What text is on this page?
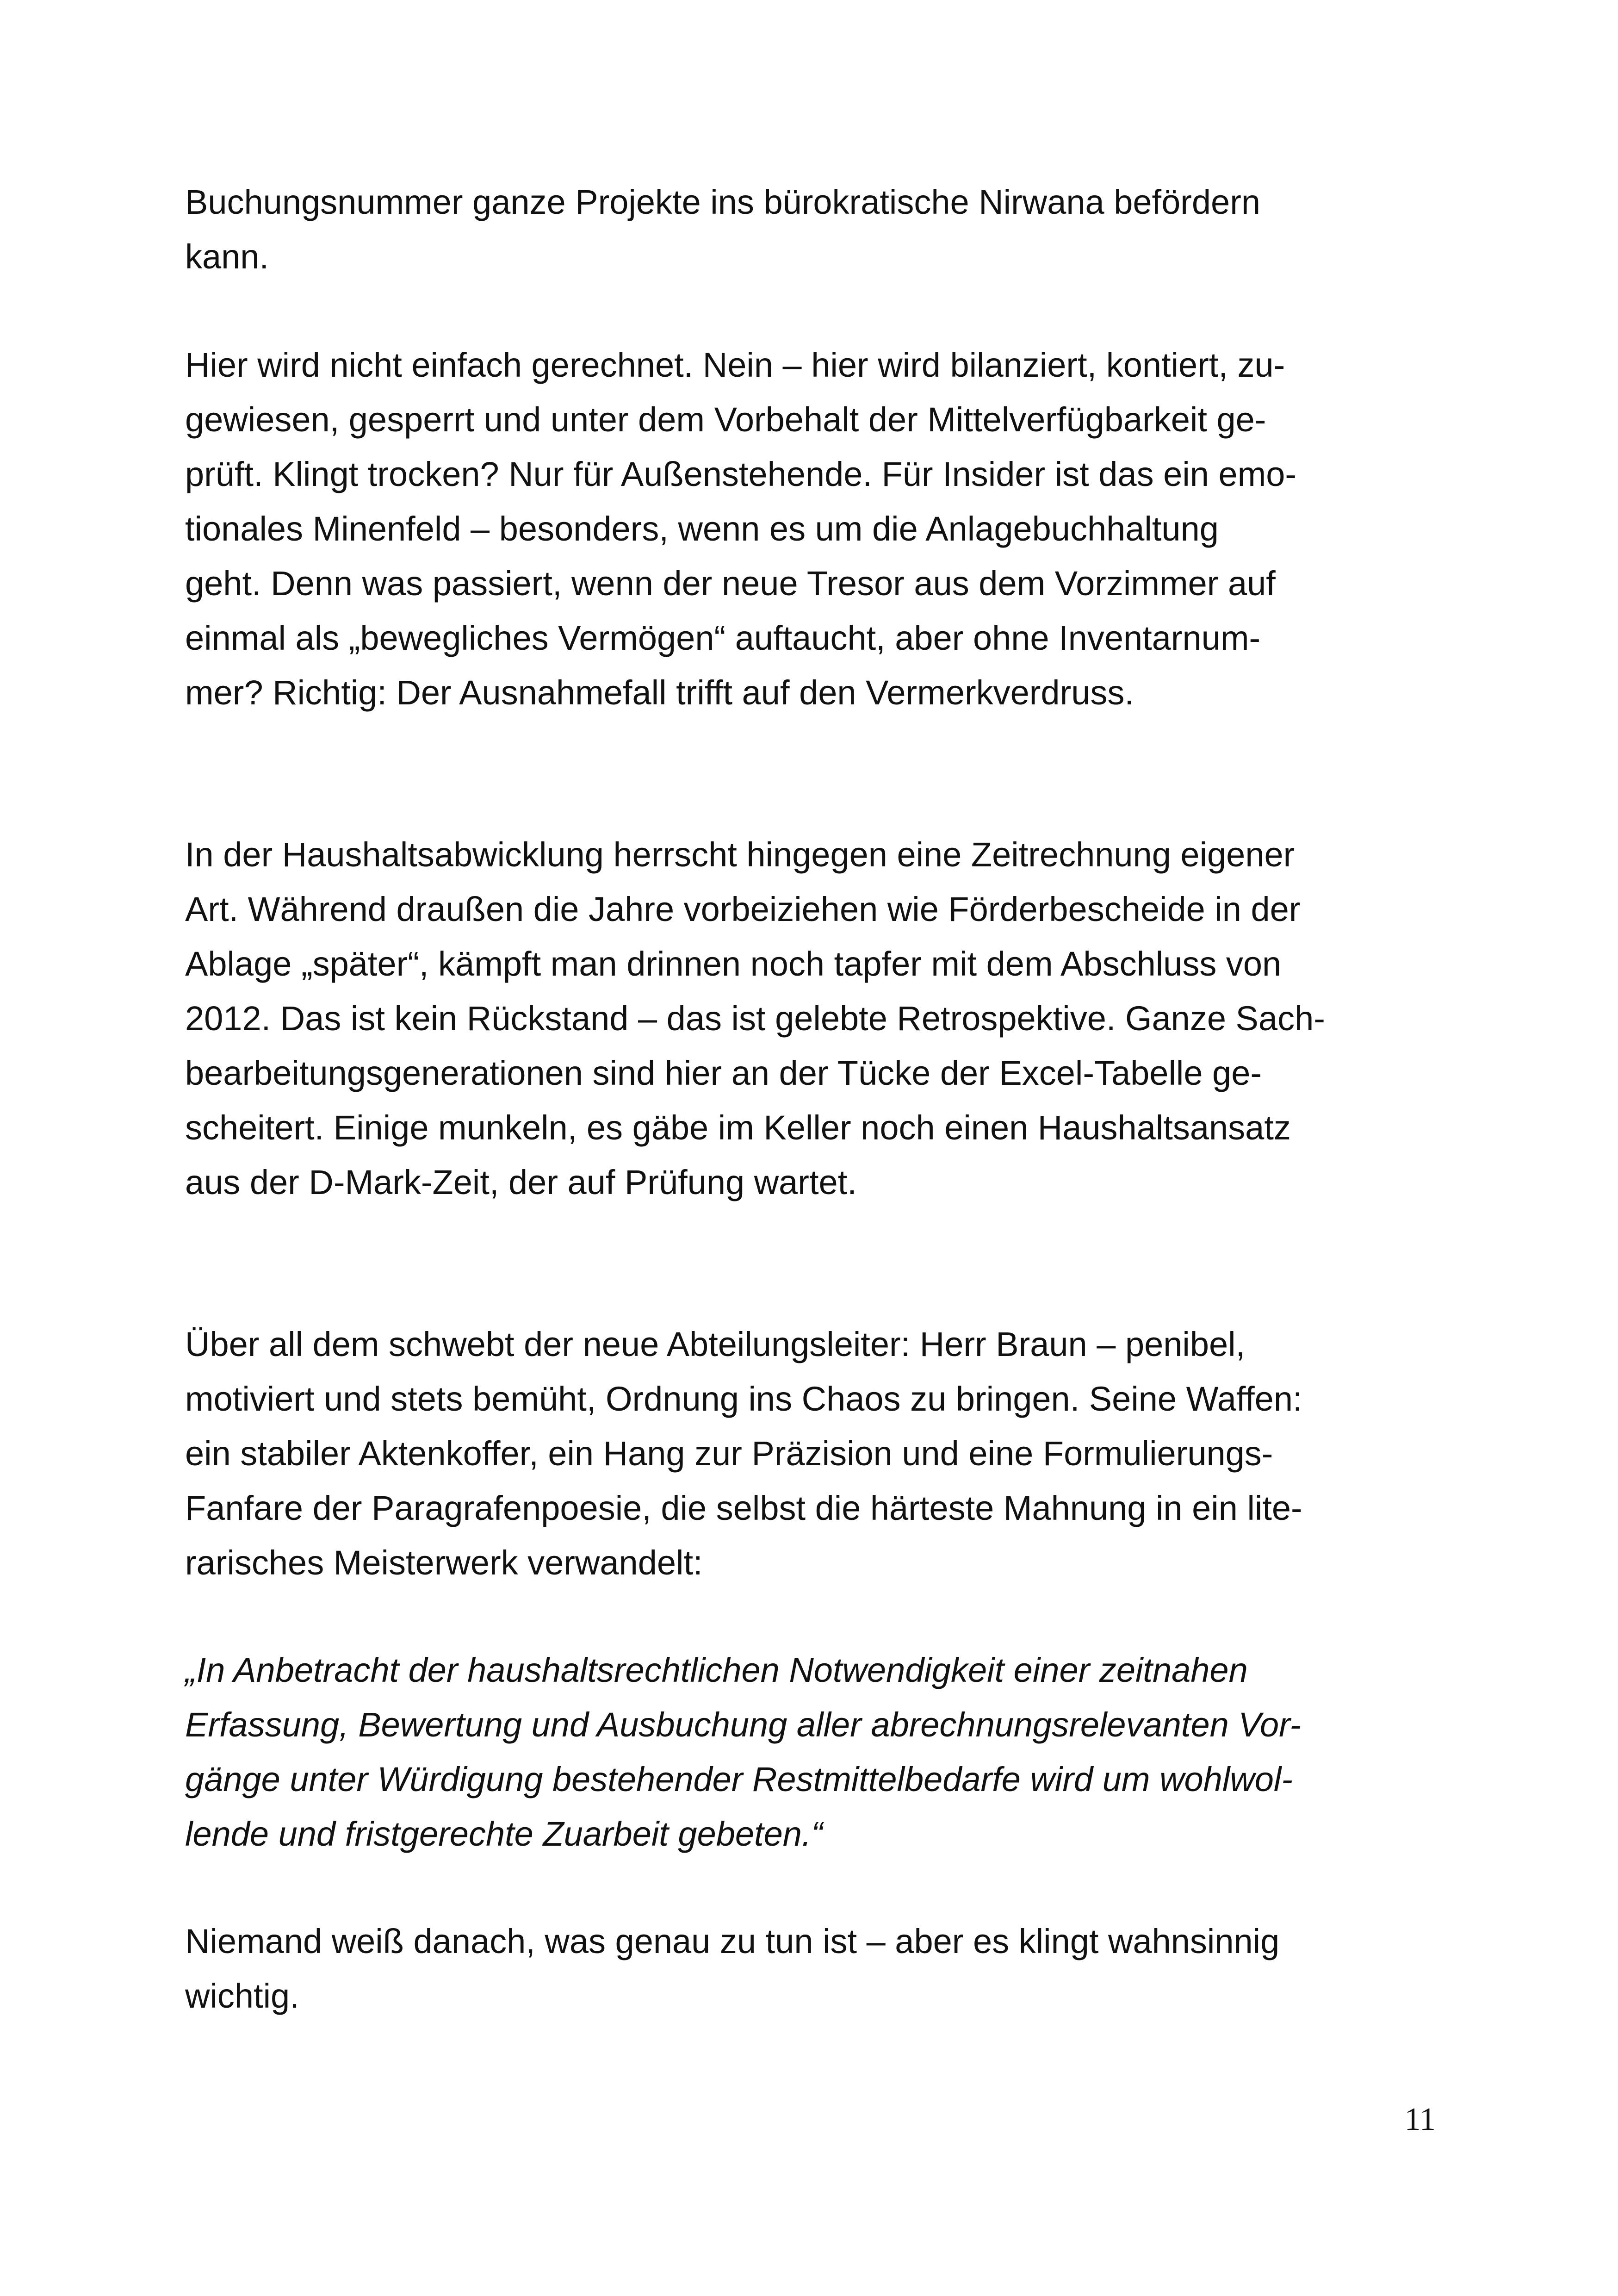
Buchungsnummer ganze Projekte ins bürokratische Nirwana befördern

kann.

Hier wird nicht einfach gerechnet. Nein – hier wird bilanziert, kontiert, zu-

gewiesen, gesperrt und unter dem Vorbehalt der Mittelverfügbarkeit ge-

prüft. Klingt trocken? Nur für Außenstehende. Für Insider ist das ein emo-

tionales Minenfeld – besonders, wenn es um die Anlagebuchhaltung

geht. Denn was passiert, wenn der neue Tresor aus dem Vorzimmer auf

einmal als „bewegliches Vermögen“ auftaucht, aber ohne Inventarnum-

mer? Richtig: Der Ausnahmefall trifft auf den Vermerkverdruss.

In der Haushaltsabwicklung herrscht hingegen eine Zeitrechnung eigener

Art. Während draußen die Jahre vorbeiziehen wie Förderbescheide in der

Ablage „später“, kämpft man drinnen noch tapfer mit dem Abschluss von

2012. Das ist kein Rückstand – das ist gelebte Retrospektive. Ganze Sach-

bearbeitungsgenerationen sind hier an der Tücke der Excel-Tabelle ge-

scheitert. Einige munkeln, es gäbe im Keller noch einen Haushaltsansatz

aus der D-Mark-Zeit, der auf Prüfung wartet.

Über all dem schwebt der neue Abteilungsleiter: Herr Braun – penibel,

motiviert und stets bemüht, Ordnung ins Chaos zu bringen. Seine Waffen:

ein stabiler Aktenkoffer, ein Hang zur Präzision und eine Formulierungs-

Fanfare der Paragrafenpoesie, die selbst die härteste Mahnung in ein lite-

rarisches Meisterwerk verwandelt:

„In Anbetracht der haushaltsrechtlichen Notwendigkeit einer zeitnahen

Erfassung, Bewertung und Ausbuchung aller abrechnungsrelevanten Vor-

gänge unter Würdigung bestehender Restmittelbedarfe wird um wohlwol-

lende und fristgerechte Zuarbeit gebeten.“

Niemand weiß danach, was genau zu tun ist – aber es klingt wahnsinnig

wichtig.

11
